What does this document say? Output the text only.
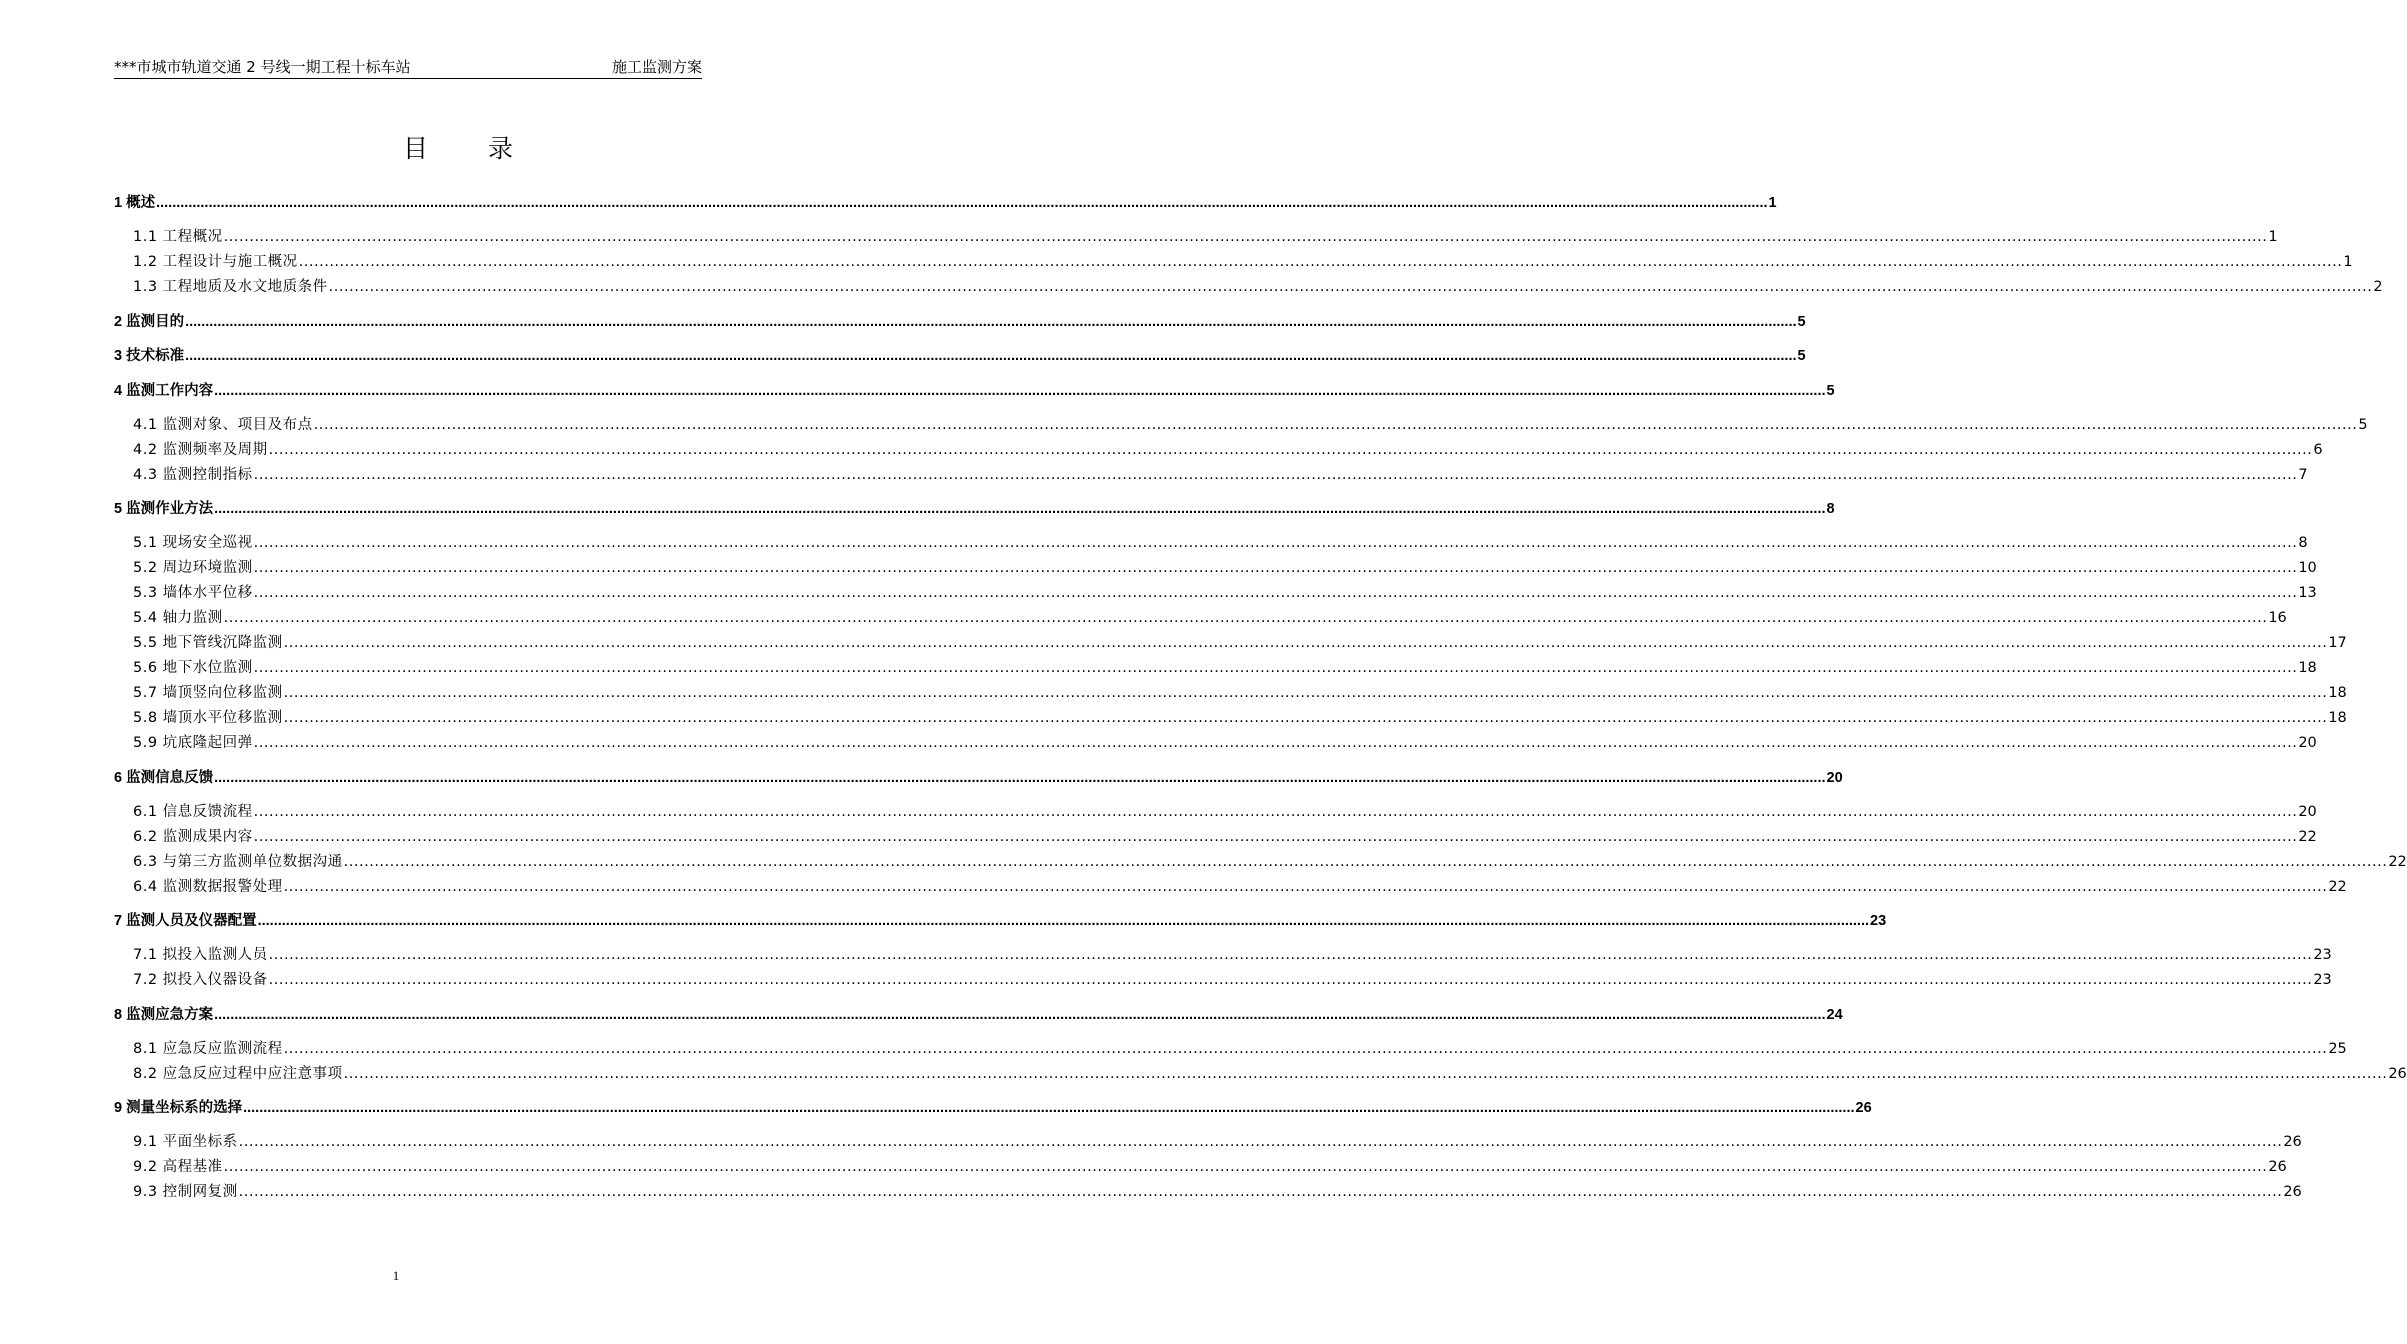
***市城市轨道交通 2 号线一期工程十标车站	施工监测方案
目录
1 概述 ................................................................................................................................................................................................................................................................................................................................................................................................................ 1
1.1 工程概况 ................................................................................................................................................................................................................................................................................................................................................................................................................ 1
1.2 工程设计与施工概况 ................................................................................................................................................................................................................................................................................................................................................................................................................ 1
1.3 工程地质及水文地质条件 ................................................................................................................................................................................................................................................................................................................................................................................................................ 2
2 监测目的 ................................................................................................................................................................................................................................................................................................................................................................................................................ 5
3 技术标准 ................................................................................................................................................................................................................................................................................................................................................................................................................ 5
4 监测工作内容 ................................................................................................................................................................................................................................................................................................................................................................................................................ 5
4.1 监测对象、项目及布点 ................................................................................................................................................................................................................................................................................................................................................................................................................ 5
4.2 监测频率及周期 ................................................................................................................................................................................................................................................................................................................................................................................................................ 6
4.3 监测控制指标 ................................................................................................................................................................................................................................................................................................................................................................................................................ 7
5 监测作业方法 ................................................................................................................................................................................................................................................................................................................................................................................................................ 8
5.1 现场安全巡视 ................................................................................................................................................................................................................................................................................................................................................................................................................ 8
5.2 周边环境监测 ................................................................................................................................................................................................................................................................................................................................................................................................................ 10
5.3 墙体水平位移 ................................................................................................................................................................................................................................................................................................................................................................................................................ 13
5.4 轴力监测 ................................................................................................................................................................................................................................................................................................................................................................................................................ 16
5.5 地下管线沉降监测 ................................................................................................................................................................................................................................................................................................................................................................................................................ 17
5.6 地下水位监测 ................................................................................................................................................................................................................................................................................................................................................................................................................ 18
5.7 墙顶竖向位移监测 ................................................................................................................................................................................................................................................................................................................................................................................................................ 18
5.8 墙顶水平位移监测 ................................................................................................................................................................................................................................................................................................................................................................................................................ 18
5.9 坑底隆起回弹 ................................................................................................................................................................................................................................................................................................................................................................................................................ 20
6 监测信息反馈 ................................................................................................................................................................................................................................................................................................................................................................................................................ 20
6.1 信息反馈流程 ................................................................................................................................................................................................................................................................................................................................................................................................................ 20
6.2 监测成果内容 ................................................................................................................................................................................................................................................................................................................................................................................................................ 22
6.3 与第三方监测单位数据沟通 ................................................................................................................................................................................................................................................................................................................................................................................................................ 22
6.4 监测数据报警处理 ................................................................................................................................................................................................................................................................................................................................................................................................................ 22
7 监测人员及仪器配置 ................................................................................................................................................................................................................................................................................................................................................................................................................ 23
7.1 拟投入监测人员 ................................................................................................................................................................................................................................................................................................................................................................................................................ 23
7.2 拟投入仪器设备 ................................................................................................................................................................................................................................................................................................................................................................................................................ 23
8 监测应急方案 ................................................................................................................................................................................................................................................................................................................................................................................................................ 24
8.1 应急反应监测流程 ................................................................................................................................................................................................................................................................................................................................................................................................................ 25
8.2 应急反应过程中应注意事项 ................................................................................................................................................................................................................................................................................................................................................................................................................ 26
9 测量坐标系的选择 ................................................................................................................................................................................................................................................................................................................................................................................................................ 26
9.1 平面坐标系 ................................................................................................................................................................................................................................................................................................................................................................................................................ 26
9.2 高程基准 ................................................................................................................................................................................................................................................................................................................................................................................................................ 26
9.3 控制网复测 ................................................................................................................................................................................................................................................................................................................................................................................................................ 26
1
